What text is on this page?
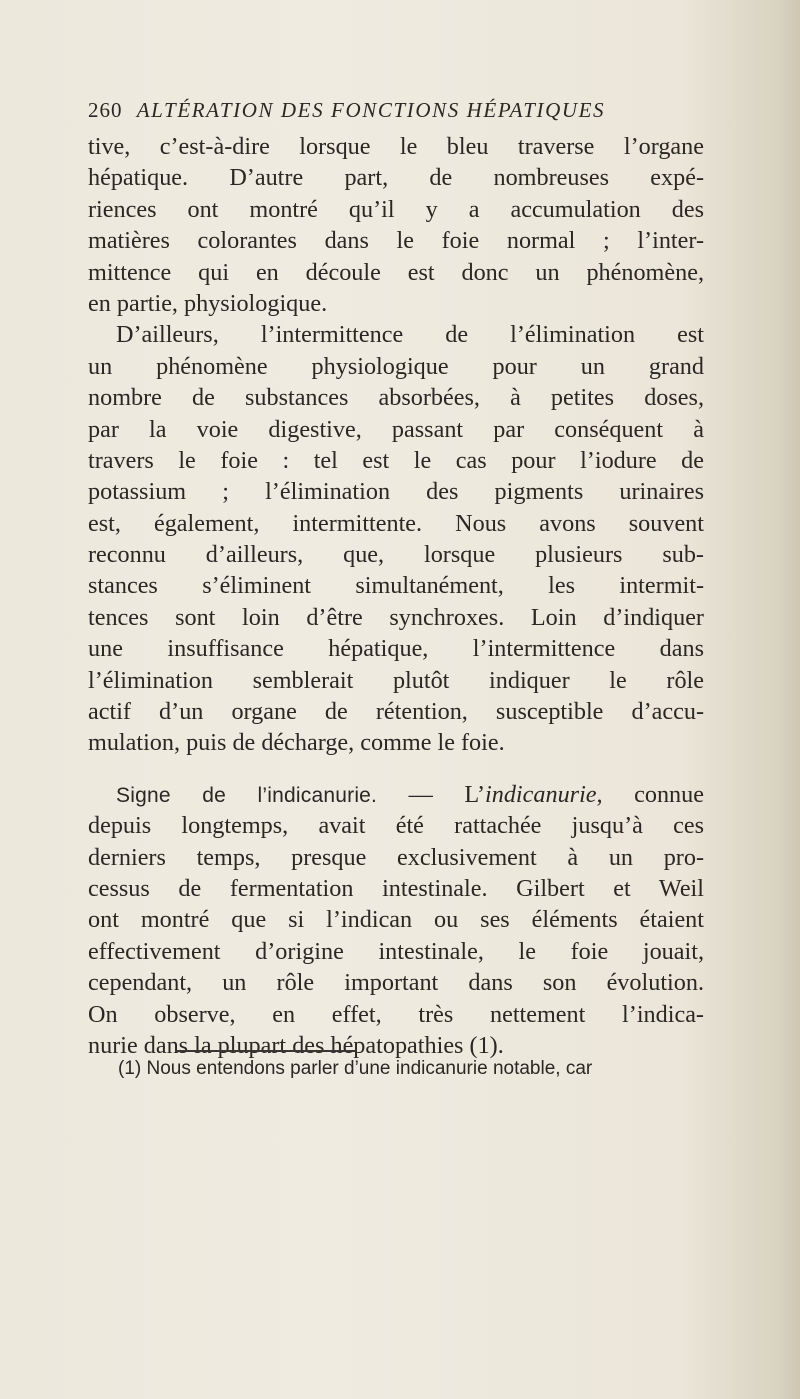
260 ALTÉRATION DES FONCTIONS HÉPATIQUES
tive, c’est-à-dire lorsque le bleu traverse l’organe
hépatique. D’autre part, de nombreuses expé-
riences ont montré qu’il y a accumulation des
matières colorantes dans le foie normal ; l’inter-
mittence qui en découle est donc un phénomène,
en partie, physiologique.
D’ailleurs, l’intermittence de l’élimination est
un phénomène physiologique pour un grand
nombre de substances absorbées, à petites doses,
par la voie digestive, passant par conséquent à
travers le foie : tel est le cas pour l’iodure de
potassium ; l’élimination des pigments urinaires
est, également, intermittente. Nous avons souvent
reconnu d’ailleurs, que, lorsque plusieurs sub-
stances s’éliminent simultanément, les intermit-
tences sont loin d’être synchroxes. Loin d’indiquer
une insuffisance hépatique, l’intermittence dans
l’élimination semblerait plutôt indiquer le rôle
actif d’un organe de rétention, susceptible d’accu-
mulation, puis de décharge, comme le foie.
Signe de l’indicanurie. — L’indicanurie, connue
depuis longtemps, avait été rattachée jusqu’à ces
derniers temps, presque exclusivement à un pro-
cessus de fermentation intestinale. Gilbert et Weil
ont montré que si l’indican ou ses éléments étaient
effectivement d’origine intestinale, le foie jouait,
cependant, un rôle important dans son évolution.
On observe, en effet, très nettement l’indica-
nurie dans la plupart des hépatopathies (1).
(1) Nous entendons parler d’une indicanurie notable, car
